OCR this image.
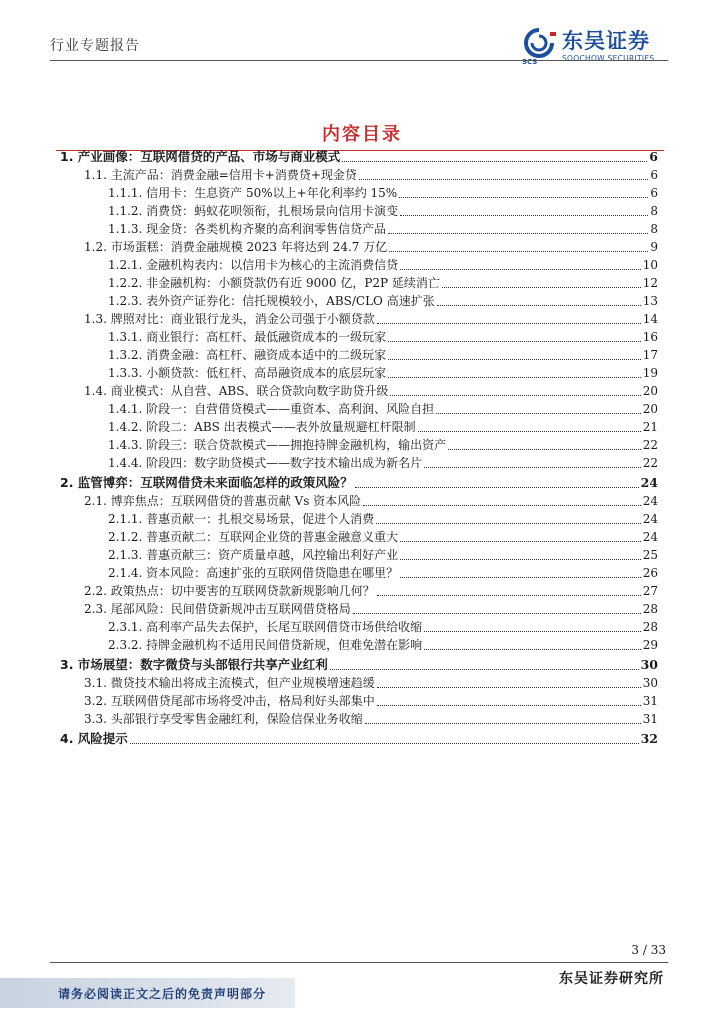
行业专题报告	东吴证券
SOOCHOW SECURITIES
SCS
内容目录
1. 产业画像：互联网借贷的产品、市场与商业模式	6
1.1. 主流产品：消费金融=信用卡+消费贷+现金贷	6
1.1.1. 信用卡：生息资产 50%以上+年化利率约 15%	6
1.1.2. 消费贷：蚂蚁花呗领衔，扎根场景向信用卡演变	8
1.1.3. 现金贷：各类机构齐聚的高利润零售信贷产品	8
1.2. 市场蛋糕：消费金融规模 2023 年将达到 24.7 万亿	9
1.2.1. 金融机构表内：以信用卡为核心的主流消费信贷	10
1.2.2. 非金融机构：小额贷款仍有近 9000 亿，P2P 延续消亡	12
1.2.3. 表外资产证券化：信托规模较小，ABS/CLO 高速扩张	13
1.3. 牌照对比：商业银行龙头，消金公司强于小额贷款	14
1.3.1. 商业银行：高杠杆、最低融资成本的一级玩家	16
1.3.2. 消费金融：高杠杆、融资成本适中的二级玩家	17
1.3.3. 小额贷款：低杠杆、高昂融资成本的底层玩家	19
1.4. 商业模式：从自营、ABS、联合贷款向数字助贷升级	20
1.4.1. 阶段一：自营借贷模式——重资本、高利润、风险自担	20
1.4.2. 阶段二：ABS 出表模式——表外放量规避杠杆限制	21
1.4.3. 阶段三：联合贷款模式——拥抱持牌金融机构，输出资产	22
1.4.4. 阶段四：数字助贷模式——数字技术输出成为新名片	22
2. 监管博弈：互联网借贷未来面临怎样的政策风险？	24
2.1. 博弈焦点：互联网借贷的普惠贡献 Vs 资本风险	24
2.1.1. 普惠贡献一：扎根交易场景，促进个人消费	24
2.1.2. 普惠贡献二：互联网企业贷的普惠金融意义重大	24
2.1.3. 普惠贡献三：资产质量卓越，风控输出利好产业	25
2.1.4. 资本风险：高速扩张的互联网借贷隐患在哪里？	26
2.2. 政策热点：切中要害的互联网贷款新规影响几何？	27
2.3. 尾部风险：民间借贷新规冲击互联网借贷格局	28
2.3.1. 高利率产品失去保护，长尾互联网借贷市场供给收缩	28
2.3.2. 持牌金融机构不适用民间借贷新规，但难免潜在影响	29
3. 市场展望：数字微贷与头部银行共享产业红利	30
3.1. 微贷技术输出将成主流模式，但产业规模增速趋缓	30
3.2. 互联网借贷尾部市场将受冲击，格局利好头部集中	31
3.3. 头部银行享受零售金融红利，保险信保业务收缩	31
4. 风险提示	32
3 / 33
东吴证券研究所
请务必阅读正文之后的免责声明部分
